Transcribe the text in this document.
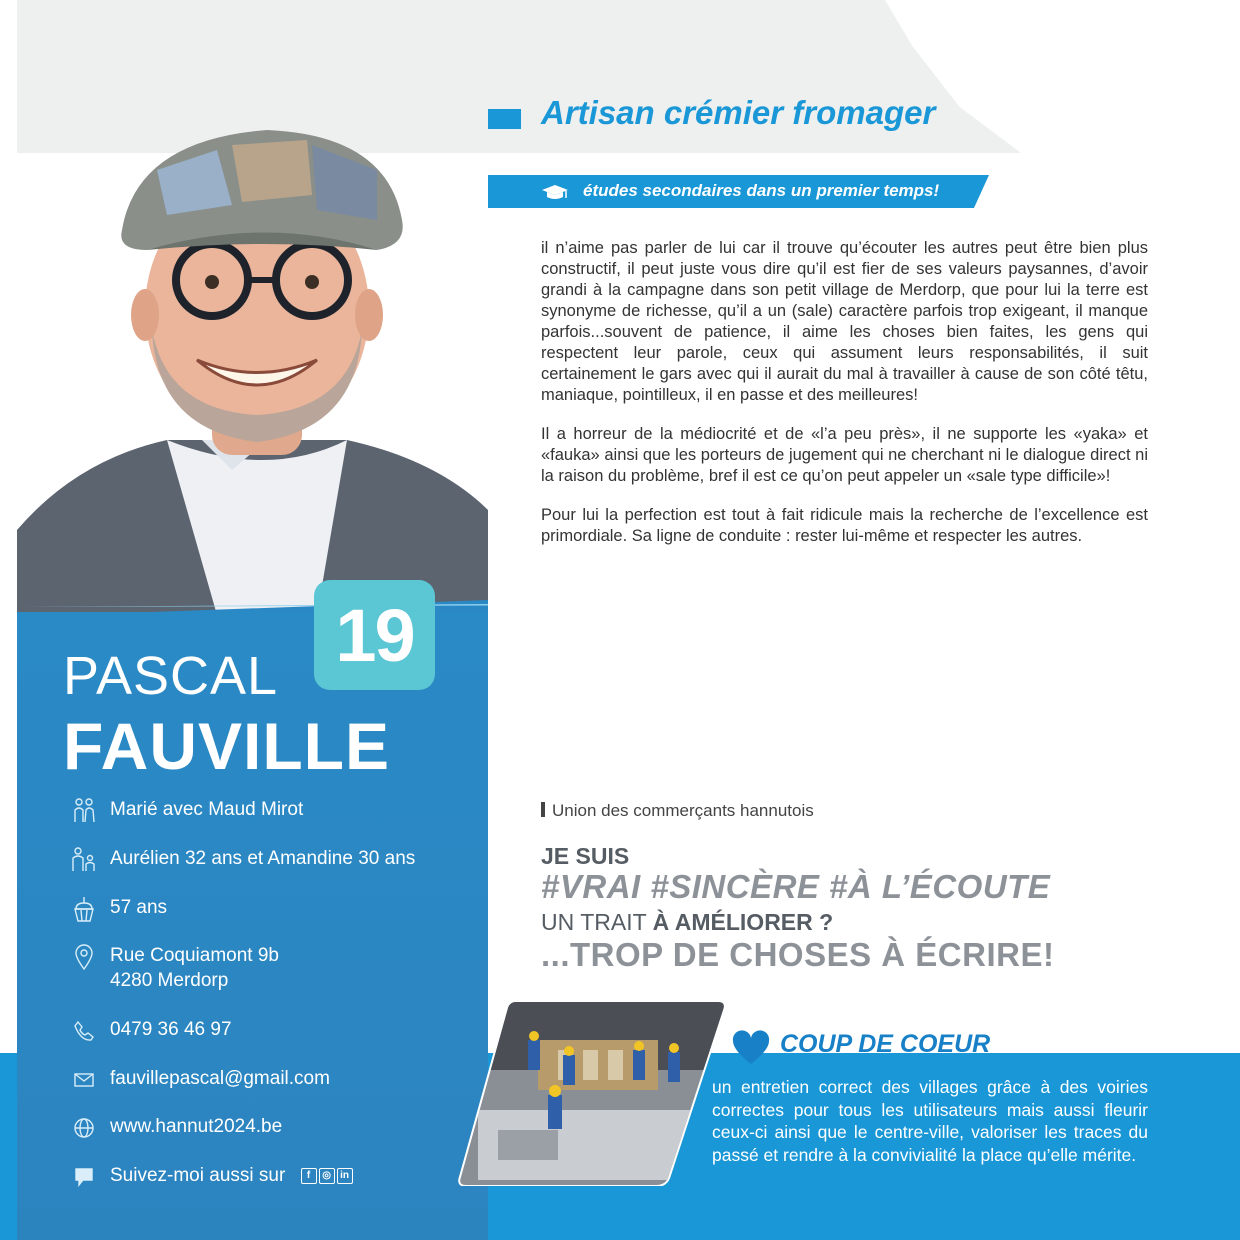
19
PASCAL
FAUVILLE
Marié avec Maud Mirot
Aurélien 32 ans et Amandine 30 ans
57 ans
Rue Coquiamont 9b
4280 Merdorp
0479 36 46 97
fauvillepascal@gmail.com
www.hannut2024.be
Suivez-moi aussi sur f ◎ in
Artisan crémier fromager
études secondaires dans un premier temps!

il n’aime pas parler de lui car il trouve qu’écouter les autres peut être bien plus constructif, il peut juste vous dire qu’il est fier de ses valeurs paysannes, d’avoir grandi à la campagne dans son petit village de Merdorp, que pour lui la terre est synonyme de richesse, qu’il a un (sale) caractère parfois trop exigeant, il manque parfois...souvent de patience, il aime les choses bien faites, les gens qui respectent leur parole, ceux qui assument leurs responsabilités, il suit certainement le gars avec qui il aurait du mal à travailler à cause de son côté têtu, maniaque, pointilleux, il en passe et des meilleures!

Il a horreur de la médiocrité et de «l’a peu près», il ne supporte les «yaka» et «fauka» ainsi que les porteurs de jugement qui ne cherchant ni le dialogue direct ni la raison du problème, bref il est ce qu’on peut appeler un «sale type difficile»!

Pour lui la perfection est tout à fait ridicule mais la recherche de l’excellence est primordiale. Sa ligne de conduite : rester lui-même et respecter les autres.

Union des commerçants hannutois
JE SUIS
#VRAI #SINCÈRE #À L’ÉCOUTE
UN TRAIT À AMÉLIORER ?
...TROP DE CHOSES À ÉCRIRE!
COUP DE COEUR
un entretien correct des villages grâce à des voiries correctes pour tous les utilisateurs mais aussi fleurir ceux-ci ainsi que le centre-ville, valoriser les traces du passé et rendre à la convivialité la place qu’elle mérite.
